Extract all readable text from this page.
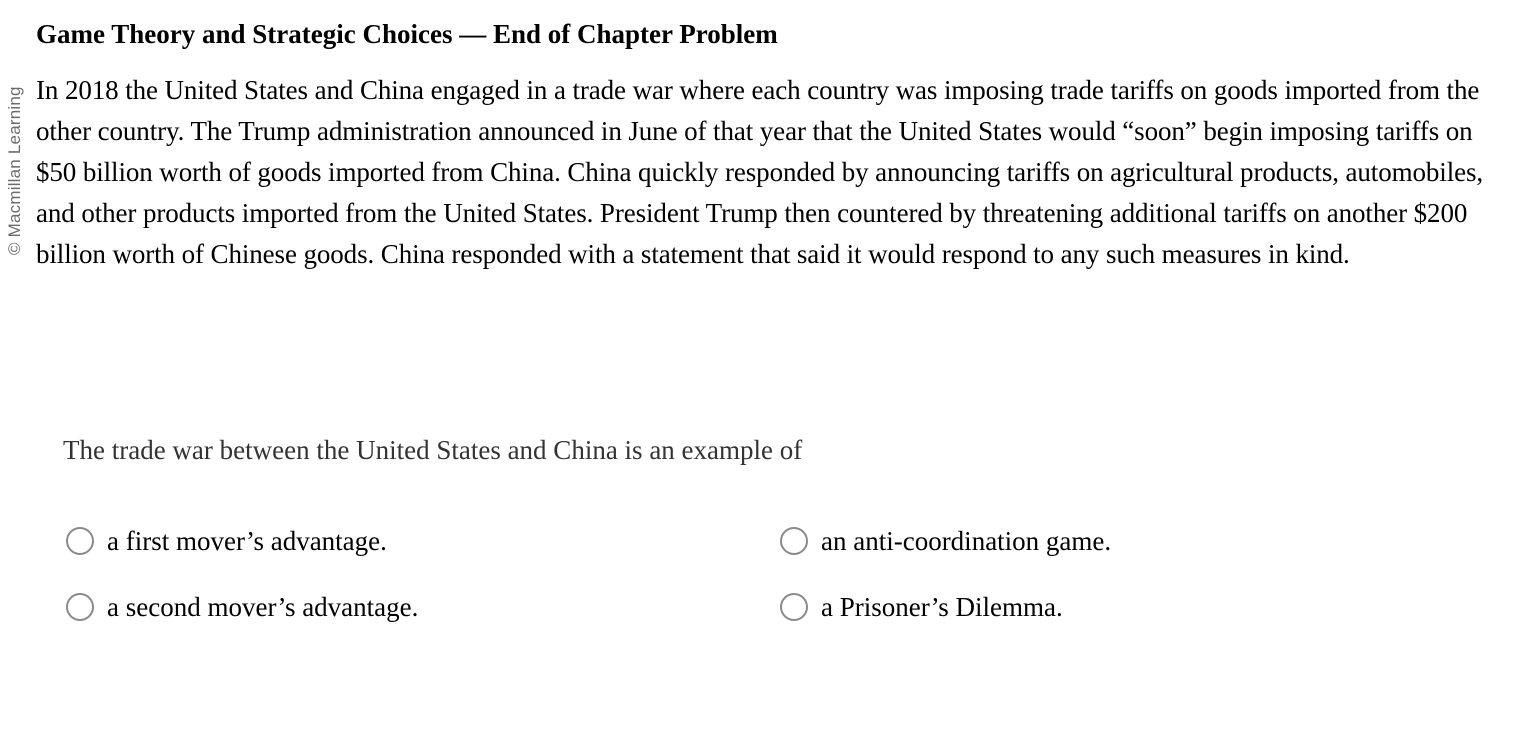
© Macmillan Learning
Game Theory and Strategic Choices — End of Chapter Problem

In 2018 the United States and China engaged in a trade war where each country was imposing trade tariffs on goods imported from the other country. The Trump administration announced in June of that year that the United States would “soon” begin imposing tariffs on $50 billion worth of goods imported from China. China quickly responded by announcing tariffs on agricultural products, automobiles, and other products imported from the United States. President Trump then countered by threatening additional tariffs on another $200 billion worth of Chinese goods. China responded with a statement that said it would respond to any such measures in kind.

The trade war between the United States and China is an example of
a first mover’s advantage.	an anti-coordination game.
a second mover’s advantage.	a Prisoner’s Dilemma.
